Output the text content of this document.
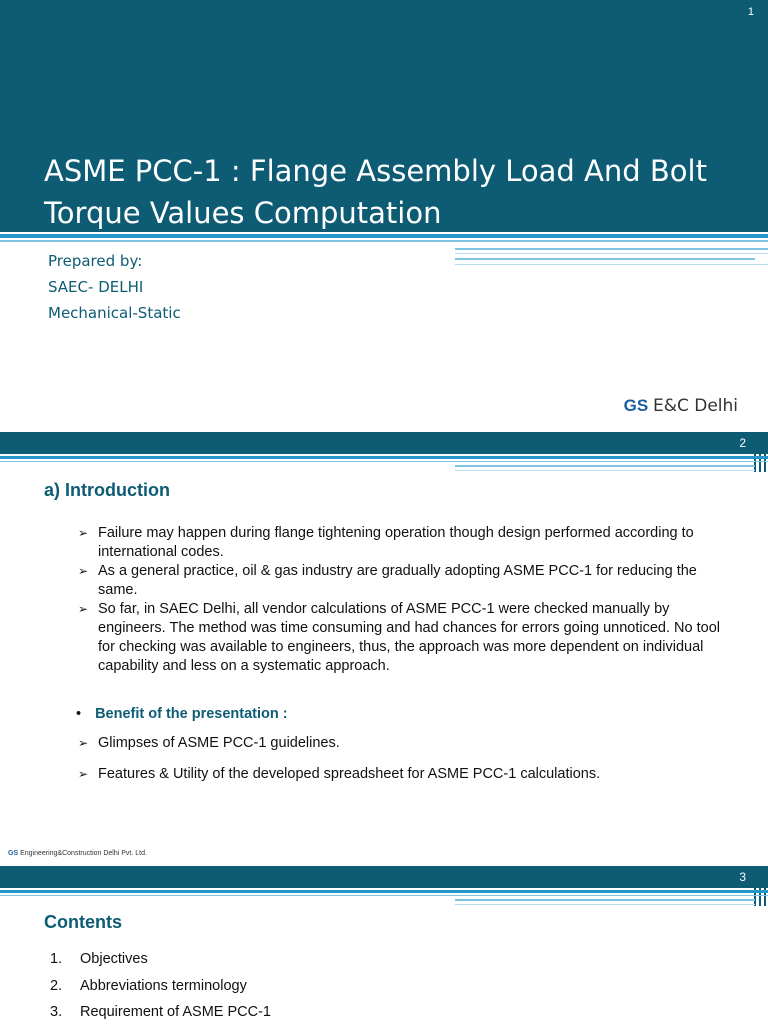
1
ASME PCC-1 : Flange Assembly Load And Bolt
Torque Values Computation
Prepared by:
SAEC- DELHI
Mechanical-Static
GS E&C Delhi
2
a) Introduction
➢ Failure may happen during flange tightening operation though design performed according to international codes.
➢ As a general practice, oil & gas industry are gradually adopting ASME PCC-1 for reducing the same.
➢ So far, in SAEC Delhi, all vendor calculations of ASME PCC-1 were checked manually by engineers. The method was time consuming and had chances for errors going unnoticed. No tool for checking was available to engineers, thus, the approach was more dependent on individual capability and less on a systematic approach.
• Benefit of the presentation :
➢ Glimpses of ASME PCC-1 guidelines.
➢ Features & Utility of the developed spreadsheet for ASME PCC-1 calculations.
GS Engineering&Construction Delhi Pvt. Ltd.
3
Contents
1. Objectives
2. Abbreviations terminology
3. Requirement of ASME PCC-1
